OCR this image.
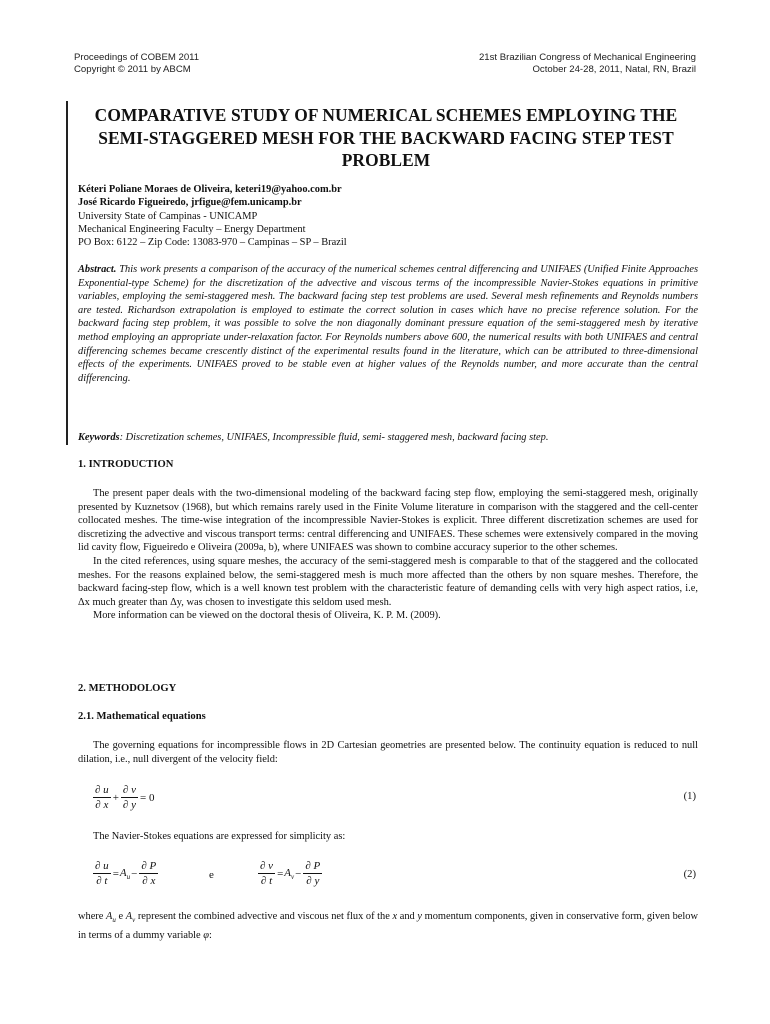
Proceedings of COBEM 2011
Copyright © 2011 by ABCM
21st Brazilian Congress of Mechanical Engineering
October 24-28, 2011, Natal, RN, Brazil
COMPARATIVE STUDY OF NUMERICAL SCHEMES EMPLOYING THE
SEMI-STAGGERED MESH FOR THE BACKWARD FACING STEP TEST
PROBLEM
Kéteri Poliane Moraes de Oliveira, keteri19@yahoo.com.br
José Ricardo Figueiredo, jrfigue@fem.unicamp.br
University State of Campinas - UNICAMP
Mechanical Engineering Faculty – Energy Department
PO Box: 6122 – Zip Code: 13083-970 – Campinas – SP – Brazil
Abstract. This work presents a comparison of the accuracy of the numerical schemes central differencing and UNIFAES (Unified Finite Approaches Exponential-type Scheme) for the discretization of the advective and viscous terms of the incompressible Navier-Stokes equations in primitive variables, employing the semi-staggered mesh. The backward facing step test problems are used. Several mesh refinements and Reynolds numbers are tested. Richardson extrapolation is employed to estimate the correct solution in cases which have no precise reference solution. For the backward facing step problem, it was possible to solve the non diagonally dominant pressure equation of the semi-staggered mesh by iterative method employing an appropriate under-relaxation factor. For Reynolds numbers above 600, the numerical results with both UNIFAES and central differencing schemes became crescently distinct of the experimental results found in the literature, which can be attributed to three-dimensional effects of the experiments. UNIFAES proved to be stable even at higher values of the Reynolds number, and more accurate than the central differencing.
Keywords: Discretization schemes, UNIFAES, Incompressible fluid, semi- staggered mesh, backward facing step.
1. INTRODUCTION

The present paper deals with the two-dimensional modeling of the backward facing step flow, employing the semi-staggered mesh, originally presented by Kuznetsov (1968), but which remains rarely used in the Finite Volume literature in comparison with the staggered and the cell-center collocated meshes. The time-wise integration of the incompressible Navier-Stokes is explicit. Three different discretization schemes are used for discretizing the advective and viscous transport terms: central differencing and UNIFAES. These schemes were extensively compared in the moving lid cavity flow, Figueiredo e Oliveira (2009a, b), where UNIFAES was shown to combine accuracy superior to the other schemes.

In the cited references, using square meshes, the accuracy of the semi-staggered mesh is comparable to that of the staggered and the collocated meshes. For the reasons explained below, the semi-staggered mesh is much more affected than the others by non square meshes. Therefore, the backward facing-step flow, which is a well known test problem with the characteristic feature of demanding cells with very high aspect ratios, i.e, Δx much greater than Δy, was chosen to investigate this seldom used mesh.

More information can be viewed on the doctoral thesis of Oliveira, K. P. M. (2009).

2. METHODOLOGY
2.1. Mathematical equations

The governing equations for incompressible flows in 2D Cartesian geometries are presented below. The continuity equation is reduced to null dilation, i.e., null divergent of the velocity field:

$\frac{\partial u}{\partial x} + \frac{\partial v}{\partial y} = 0$	(1)

The Navier-Stokes equations are expressed for simplicity as:

$\frac{\partial u}{\partial t} =A_u- \frac{\partial P}{\partial x}$	e	$\frac{\partial v}{\partial t} =A_v- \frac{\partial P}{\partial y}$	(2)
where $A_u$ e $A_v$ represent the combined advective and viscous net flux of the x and y momentum components, given in conservative form, given below in terms of a dummy variable φ:
